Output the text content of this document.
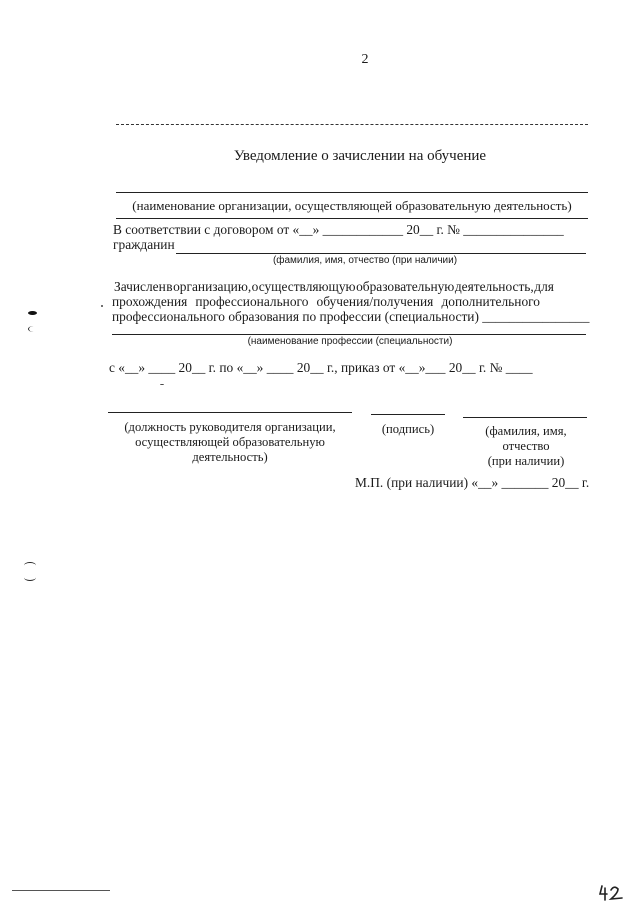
2
Уведомление о зачислении на обучение
(наименование организации, осуществляющей образовательную деятельность)
В соответствии с договором от «__» ____________ 20__ г. № _______________
гражданин
(фамилия, имя, отчество (при наличии)
Зачислен в организацию, осуществляющую образовательную деятельность, для
прохождения профессионального обучения/получения дополнительного
профессионального образования по профессии (специальности) ________________
(наименование профессии (специальности)
с «__» ____ 20__ г. по «__» ____ 20__ г., приказ от «__»___ 20__ г. № ____
(должность руководителя организации,
осуществляющей образовательную
деятельность)
(подпись)	(фамилия, имя,
отчество
(при наличии)
М.П. (при наличии) «__» _______ 20__ г.
